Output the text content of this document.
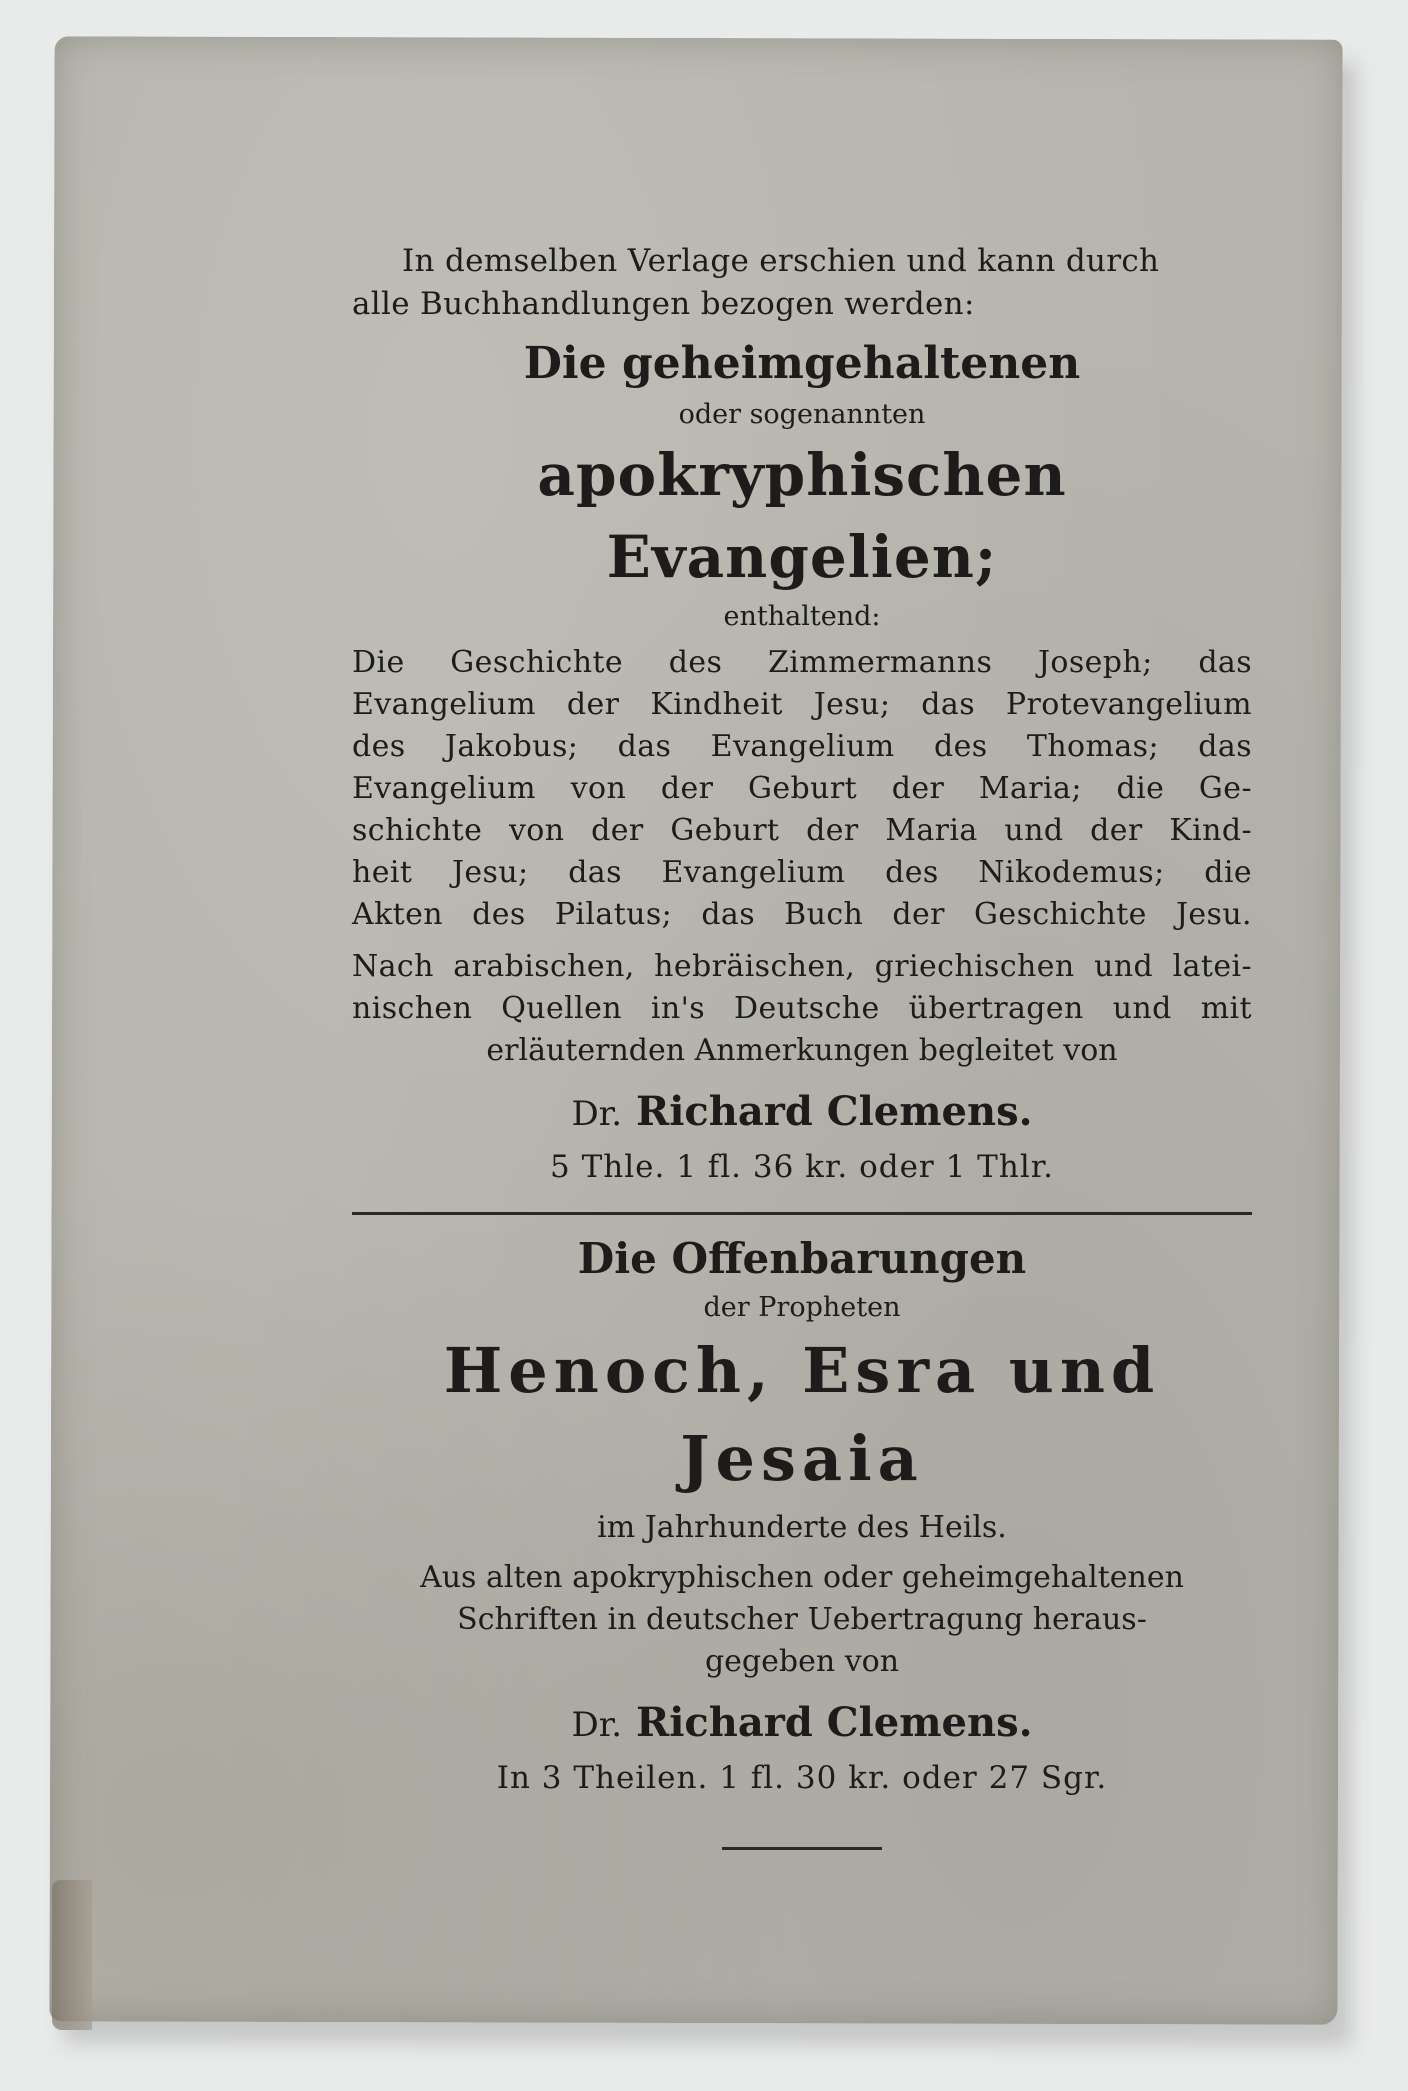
In demselben Verlage erschien und kann durch

alle Buchhandlungen bezogen werden:

Die geheimgehaltenen
oder sogenannten
apokryphischen Evangelien;
enthaltend:
Die Geschichte des Zimmermanns Joseph; das
Evangelium der Kindheit Jesu; das Protevangelium
des Jakobus; das Evangelium des Thomas; das
Evangelium von der Geburt der Maria; die Ge-
schichte von der Geburt der Maria und der Kind-
heit Jesu; das Evangelium des Nikodemus; die
Akten des Pilatus; das Buch der Geschichte Jesu.
Nach arabischen, hebräischen, griechischen und latei-
nischen Quellen in's Deutsche übertragen und mit
erläuternden Anmerkungen begleitet von
Dr. Richard Clemens.
5 Thle. 1 fl. 36 kr. oder 1 Thlr.
Die Offenbarungen
der Propheten
Henoch, Esra und Jesaia
im Jahrhunderte des Heils.
Aus alten apokryphischen oder geheimgehaltenen
Schriften in deutscher Uebertragung heraus-
gegeben von
Dr. Richard Clemens.
In 3 Theilen. 1 fl. 30 kr. oder 27 Sgr.
